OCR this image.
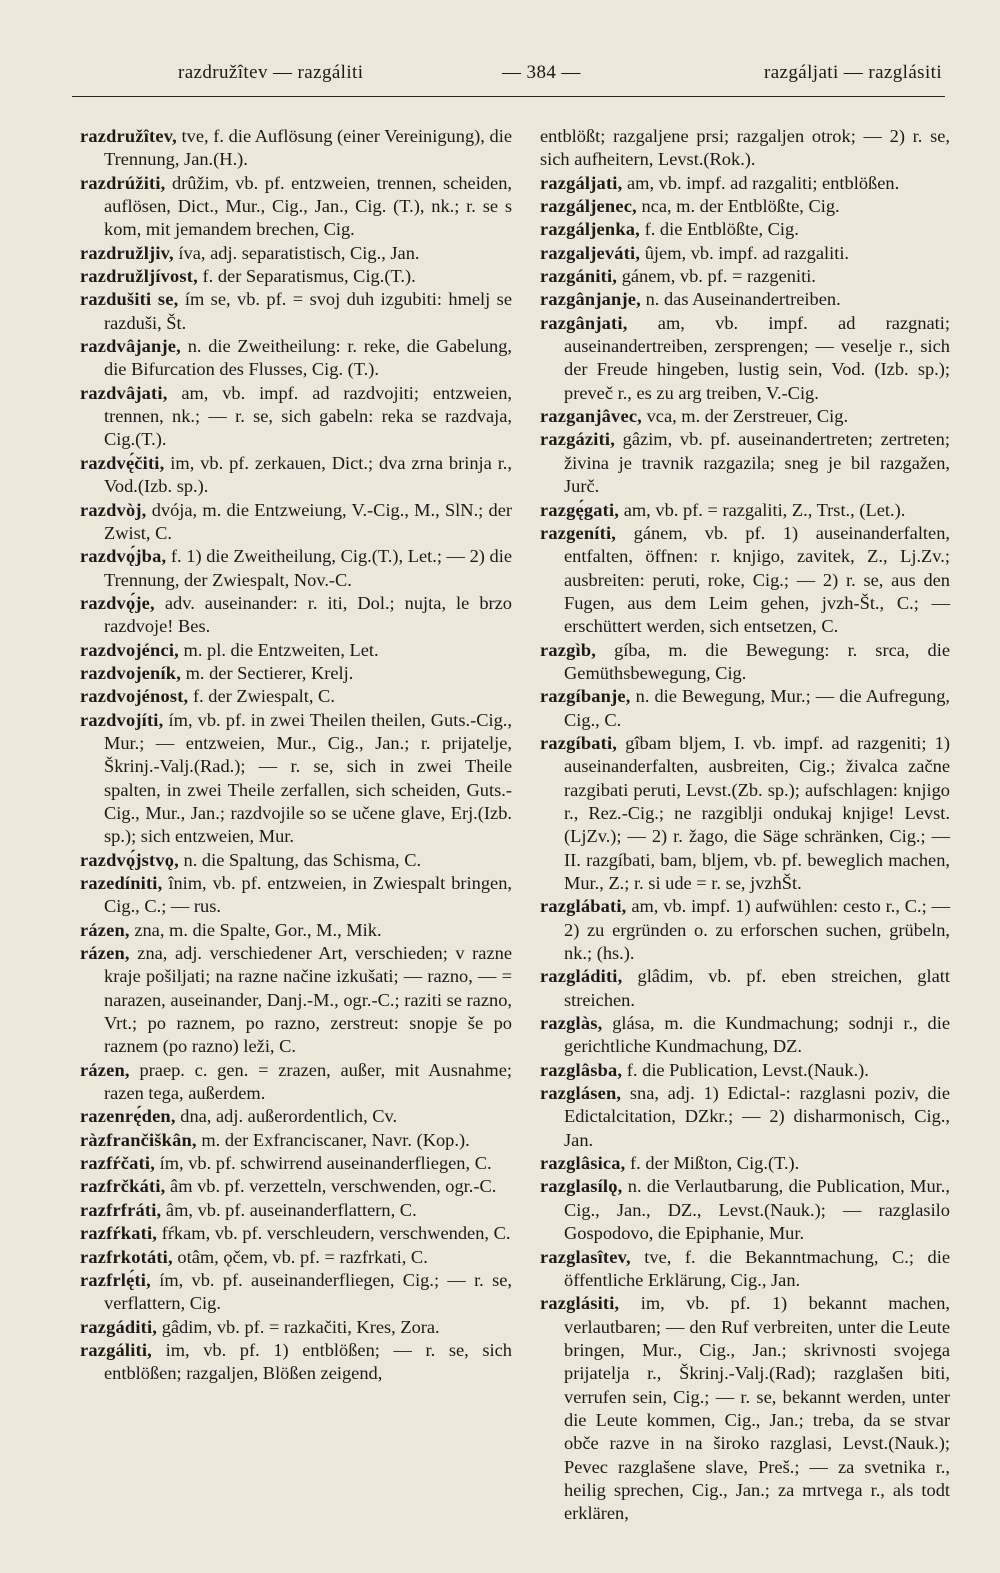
razdružîtev — razgáliti	— 384 —	razgáljati — razglásiti

razdružîtev, tve, f. die Auflösung (einer Vereinigung), die Trennung, Jan.(H.).

razdrúžiti, drûžim, vb. pf. entzweien, trennen, scheiden, auflösen, Dict., Mur., Cig., Jan., Cig. (T.), nk.; r. se s kom, mit jemandem brechen, Cig.

razdružljiv, íva, adj. separatistisch, Cig., Jan.

razdružljívost, f. der Separatismus, Cig.(T.).

razdušiti se, ím se, vb. pf. = svoj duh izgubiti: hmelj se razduši, Št.

razdvâjanje, n. die Zweitheilung: r. reke, die Gabelung, die Bifurcation des Flusses, Cig. (T.).

razdvâjati, am, vb. impf. ad razdvojiti; entzweien, trennen, nk.; — r. se, sich gabeln: reka se razdvaja, Cig.(T.).

razdvę́čiti, im, vb. pf. zerkauen, Dict.; dva zrna brinja r., Vod.(Izb. sp.).

razdvòj, dvója, m. die Entzweiung, V.-Cig., M., SlN.; der Zwist, C.

razdvǫ́jba, f. 1) die Zweitheilung, Cig.(T.), Let.; — 2) die Trennung, der Zwiespalt, Nov.-C.

razdvǫ́je, adv. auseinander: r. iti, Dol.; nujta, le brzo razdvoje! Bes.

razdvojénci, m. pl. die Entzweiten, Let.

razdvojeník, m. der Sectierer, Krelj.

razdvojénost, f. der Zwiespalt, C.

razdvojíti, ím, vb. pf. in zwei Theilen theilen, Guts.-Cig., Mur.; — entzweien, Mur., Cig., Jan.; r. prijatelje, Škrinj.-Valj.(Rad.); — r. se, sich in zwei Theile spalten, in zwei Theile zerfallen, sich scheiden, Guts.-Cig., Mur., Jan.; razdvojile so se učene glave, Erj.(Izb. sp.); sich entzweien, Mur.

razdvǫ́jstvǫ, n. die Spaltung, das Schisma, C.

razedíniti, înim, vb. pf. entzweien, in Zwiespalt bringen, Cig., C.; — rus.

rázen, zna, m. die Spalte, Gor., M., Mik.

rázen, zna, adj. verschiedener Art, verschieden; v razne kraje pošiljati; na razne načine izkušati; — razno, — = narazen, auseinander, Danj.-M., ogr.-C.; raziti se razno, Vrt.; po raznem, po razno, zerstreut: snopje še po raznem (po razno) leži, C.

rázen, praep. c. gen. = zrazen, außer, mit Ausnahme; razen tega, außerdem.

razenrę́den, dna, adj. außerordentlich, Cv.

ràzfrančiškân, m. der Exfranciscaner, Navr. (Kop.).

razfŕčati, ím, vb. pf. schwirrend auseinanderfliegen, C.

razfrčkáti, âm vb. pf. verzetteln, verschwenden, ogr.-C.

razfrfráti, âm, vb. pf. auseinanderflattern, C.

razfŕkati, fŕkam, vb. pf. verschleudern, verschwenden, C.

razfrkotáti, otâm, ǫčem, vb. pf. = razfrkati, C.

razfrlę́ti, ím, vb. pf. auseinanderfliegen, Cig.; — r. se, verflattern, Cig.

razgáditi, gâdim, vb. pf. = razkačiti, Kres, Zora.

razgáliti, im, vb. pf. 1) entblößen; — r. se, sich entblößen; razgaljen, Blößen zeigend,

entblößt; razgaljene prsi; razgaljen otrok; — 2) r. se, sich aufheitern, Levst.(Rok.).

razgáljati, am, vb. impf. ad razgaliti; entblößen.

razgáljenec, nca, m. der Entblößte, Cig.

razgáljenka, f. die Entblößte, Cig.

razgaljeváti, ûjem, vb. impf. ad razgaliti.

razgániti, gánem, vb. pf. = razgeniti.

razgânjanje, n. das Auseinandertreiben.

razgânjati, am, vb. impf. ad razgnati; auseinandertreiben, zersprengen; — veselje r., sich der Freude hingeben, lustig sein, Vod. (Izb. sp.); preveč r., es zu arg treiben, V.-Cig.

razganjâvec, vca, m. der Zerstreuer, Cig.

razgáziti, gâzim, vb. pf. auseinandertreten; zertreten; živina je travnik razgazila; sneg je bil razgažen, Jurč.

razgę́gati, am, vb. pf. = razgaliti, Z., Trst., (Let.).

razgeníti, gánem, vb. pf. 1) auseinanderfalten, entfalten, öffnen: r. knjigo, zavitek, Z., Lj.Zv.; ausbreiten: peruti, roke, Cig.; — 2) r. se, aus den Fugen, aus dem Leim gehen, jvzh-Št., C.; — erschüttert werden, sich entsetzen, C.

razgìb, gíba, m. die Bewegung: r. srca, die Gemüthsbewegung, Cig.

razgíbanje, n. die Bewegung, Mur.; — die Aufregung, Cig., C.

razgíbati, gîbam bljem, I. vb. impf. ad razgeniti; 1) auseinanderfalten, ausbreiten, Cig.; živalca začne razgibati peruti, Levst.(Zb. sp.); aufschlagen: knjigo r., Rez.-Cig.; ne razgiblji ondukaj knjige! Levst. (LjZv.); — 2) r. žago, die Säge schränken, Cig.; — II. razgíbati, bam, bljem, vb. pf. beweglich machen, Mur., Z.; r. si ude = r. se, jvzhŠt.

razglábati, am, vb. impf. 1) aufwühlen: cesto r., C.; — 2) zu ergründen o. zu erforschen suchen, grübeln, nk.; (hs.).

razgláditi, glâdim, vb. pf. eben streichen, glatt streichen.

razglàs, glása, m. die Kundmachung; sodnji r., die gerichtliche Kundmachung, DZ.

razglâsba, f. die Publication, Levst.(Nauk.).

razglásen, sna, adj. 1) Edictal-: razglasni poziv, die Edictalcitation, DZkr.; — 2) disharmonisch, Cig., Jan.

razglâsica, f. der Mißton, Cig.(T.).

razglasílǫ, n. die Verlautbarung, die Publication, Mur., Cig., Jan., DZ., Levst.(Nauk.); — razglasilo Gospodovo, die Epiphanie, Mur.

razglasîtev, tve, f. die Bekanntmachung, C.; die öffentliche Erklärung, Cig., Jan.

razglásiti, im, vb. pf. 1) bekannt machen, verlautbaren; — den Ruf verbreiten, unter die Leute bringen, Mur., Cig., Jan.; skrivnosti svojega prijatelja r., Škrinj.-Valj.(Rad); razglašen biti, verrufen sein, Cig.; — r. se, bekannt werden, unter die Leute kommen, Cig., Jan.; treba, da se stvar obče razve in na široko razglasi, Levst.(Nauk.); Pevec razglašene slave, Preš.; — za svetnika r., heilig sprechen, Cig., Jan.; za mrtvega r., als todt erklären,
